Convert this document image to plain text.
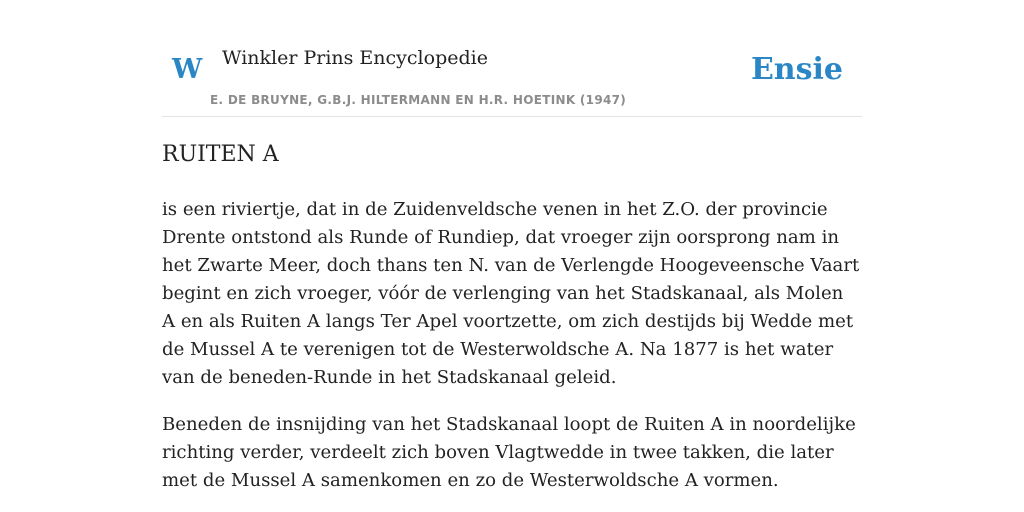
W Winkler Prins Encyclopedie
E. DE BRUYNE, G.B.J. HILTERMANN EN H.R. HOETINK (1947)
Ensie
RUITEN A

is een riviertje, dat in de Zuidenveldsche venen in het Z.O. der provincie Drente ontstond als Runde of Rundiep, dat vroeger zijn oorsprong nam in het Zwarte Meer, doch thans ten N. van de Verlengde Hoogeveensche Vaart begint en zich vroeger, vóór de verlenging van het Stadskanaal, als Molen A en als Ruiten A langs Ter Apel voortzette, om zich destijds bij Wedde met de Mussel A te verenigen tot de Westerwoldsche A. Na 1877 is het water van de beneden-Runde in het Stadskanaal geleid.

Beneden de insnijding van het Stadskanaal loopt de Ruiten A in noordelijke richting verder, verdeelt zich boven Vlagtwedde in twee takken, die later met de Mussel A samenkomen en zo de Westerwoldsche A vormen.
